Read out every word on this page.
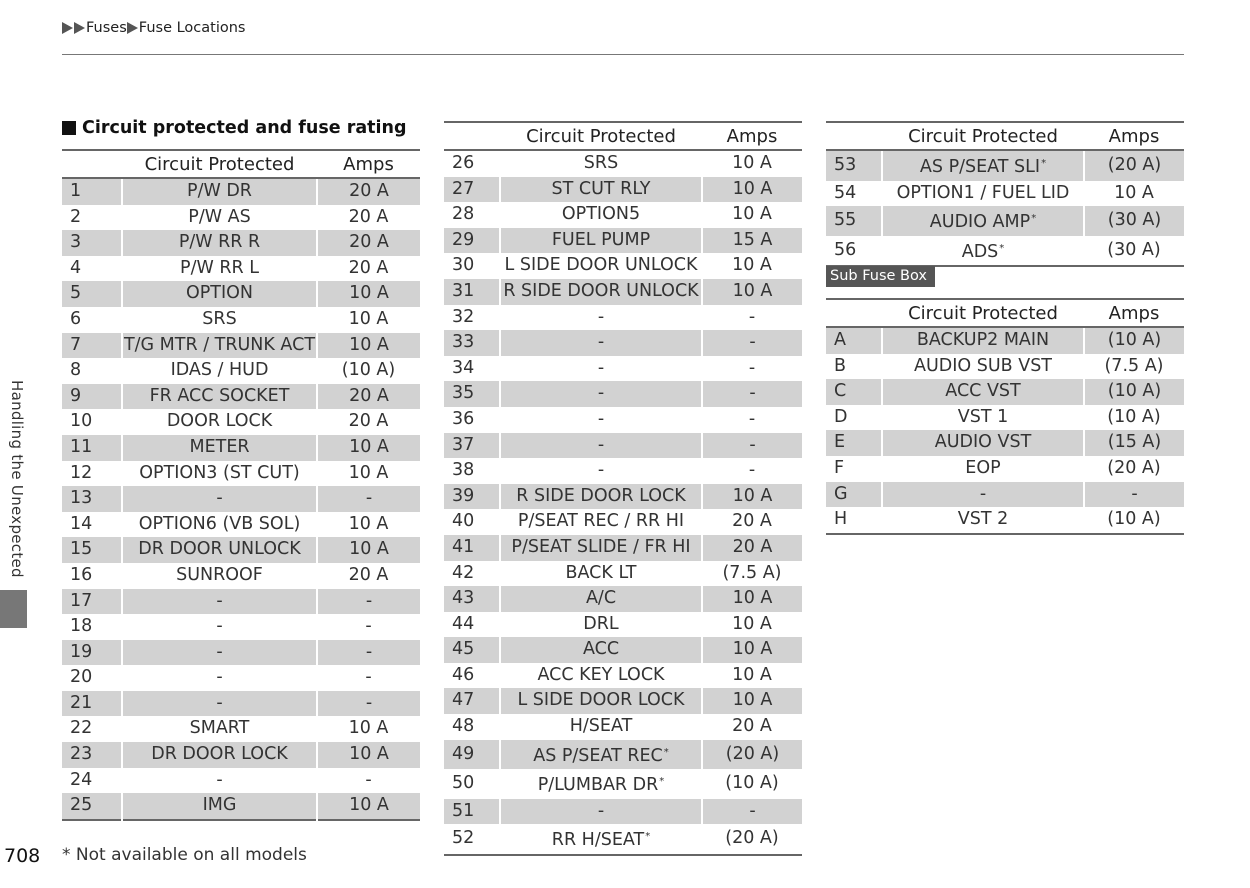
Fuses Fuse Locations
Circuit protected and fuse rating
	Circuit Protected	Amps
1	P/W DR	20 A
2	P/W AS	20 A
3	P/W RR R	20 A
4	P/W RR L	20 A
5	OPTION	10 A
6	SRS	10 A
7	T/G MTR / TRUNK ACT	10 A
8	IDAS / HUD	(10 A)
9	FR ACC SOCKET	20 A
10	DOOR LOCK	20 A
11	METER	10 A
12	OPTION3 (ST CUT)	10 A
13	-	-
14	OPTION6 (VB SOL)	10 A
15	DR DOOR UNLOCK	10 A
16	SUNROOF	20 A
17	-	-
18	-	-
19	-	-
20	-	-
21	-	-
22	SMART	10 A
23	DR DOOR LOCK	10 A
24	-	-
25	IMG	10 A
	Circuit Protected	Amps
26	SRS	10 A
27	ST CUT RLY	10 A
28	OPTION5	10 A
29	FUEL PUMP	15 A
30	L SIDE DOOR UNLOCK	10 A
31	R SIDE DOOR UNLOCK	10 A
32	-	-
33	-	-
34	-	-
35	-	-
36	-	-
37	-	-
38	-	-
39	R SIDE DOOR LOCK	10 A
40	P/SEAT REC / RR HI	20 A
41	P/SEAT SLIDE / FR HI	20 A
42	BACK LT	(7.5 A)
43	A/C	10 A
44	DRL	10 A
45	ACC	10 A
46	ACC KEY LOCK	10 A
47	L SIDE DOOR LOCK	10 A
48	H/SEAT	20 A
49	AS P/SEAT REC*	(20 A)
50	P/LUMBAR DR*	(10 A)
51	-	-
52	RR H/SEAT*	(20 A)
	Circuit Protected	Amps
53	AS P/SEAT SLI*	(20 A)
54	OPTION1 / FUEL LID	10 A
55	AUDIO AMP*	(30 A)
56	ADS*	(30 A)
Sub Fuse Box
	Circuit Protected	Amps
A	BACKUP2 MAIN	(10 A)
B	AUDIO SUB VST	(7.5 A)
C	ACC VST	(10 A)
D	VST 1	(10 A)
E	AUDIO VST	(15 A)
F	EOP	(20 A)
G	-	-
H	VST 2	(10 A)
Handling the Unexpected
708 * Not available on all models
